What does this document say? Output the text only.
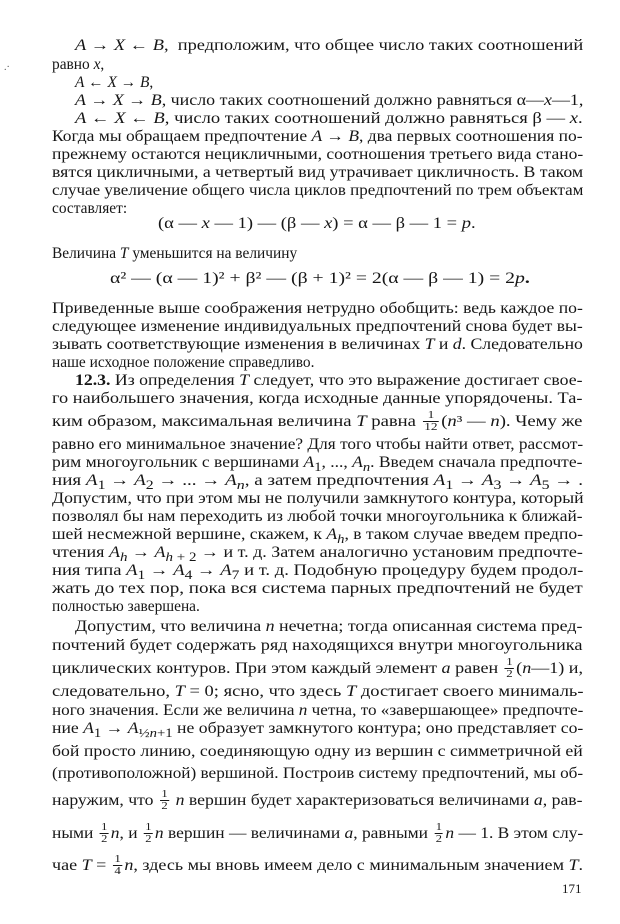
.·
A → X ← B,  предположим, что общее число таких соотношений
равно x,
A ← X → B,
A → X → B, число таких соотношений должно равняться α—x—1,
A ← X ← B, число таких соотношений должно равняться β — x.
Когда мы обращаем предпочтение A → B, два первых соотношения по-
прежнему остаются нецикличными, соотношения третьего вида стано-
вятся цикличными, а четвертый вид утрачивает цикличность. В таком
случае увеличение общего числа циклов предпочтений по трем объектам
составляет:
(α — x — 1) — (β — x) = α — β — 1 = p.
Величина T уменьшится на величину
α² — (α — 1)² + β² — (β + 1)² = 2(α — β — 1) = 2p.
Приведенные выше соображения нетрудно обобщить: ведь каждое по-
следующее изменение индивидуальных предпочтений снова будет вы-
зывать соответствующие изменения в величинах T и d. Следовательно
наше исходное положение справедливо.
12.3. Из определения T следует, что это выражение достигает свое-
го наибольшего значения, когда исходные данные упорядочены. Та-
ким образом, максимальная величина T равна $\frac{1}{12} (n^3$ — n). Чему же
равно его минимальное значение? Для того чтобы найти ответ, рассмот-
рим многоугольник с вершинами $A_1$, ..., $A_n$. Введем сначала предпочте-
ния $A_1 \to A_2$ → ... → $A_n$, а затем предпочтения $A_1 \to A_3 \to A_5$ → .
Допустим, что при этом мы не получили замкнутого контура, который
позволял бы нам переходить из любой точки многоугольника к ближай-
шей несмежной вершине, скажем, к $A_h$, в таком случае введем предпо-
чтения $A_h \to A_{h + 2} \to и$ т. д. Затем аналогично установим предпочте-
ния типа $A_1 \to A_4 \to A_7$ и т. д. Подобную процедуру будем продол-
жать до тех пор, пока вся система парных предпочтений не будет
полностью завершена.
Допустим, что величина n нечетна; тогда описанная система пред-
почтений будет содержать ряд находящихся внутри многоугольника
циклических контуров. При этом каждый элемент a равен $\frac{1}{2}$ (n—1) и,
следовательно, T = 0; ясно, что здесь T достигает своего минималь-
ного значения. Если же величина n четна, то «завершающее» предпочте-
ние $A_1 \to A_{\frac{1}{2}n+1}$ не образует замкнутого контура; оно представляет со-
бой просто линию, соединяющую одну из вершин с симметричной ей
(противоположной) вершиной. Построив систему предпочтений, мы об-
наружим, что $\frac{1}{2}$ n вершин будет характеризоваться величинами a, рав-
ными $\frac{1}{2} n$, и $\frac{1}{2}$ n вершин — величинами a, равными $\frac{1}{2}$ n — 1. В этом слу-
чае $T = \frac{1}{4} n$, здесь мы вновь имеем дело с минимальным значением T.
171
